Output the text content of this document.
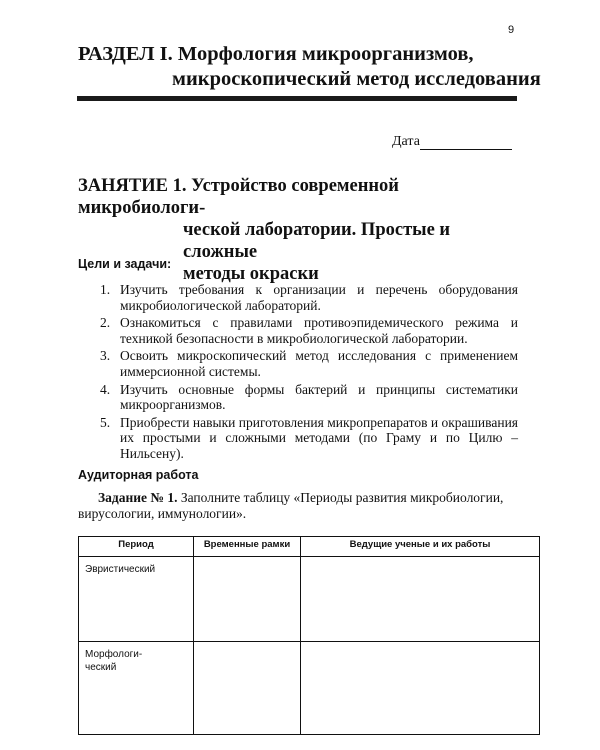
9
РАЗДЕЛ I. Морфология микроорганизмов,
микроскопический метод исследования
Дата
ЗАНЯТИЕ 1. Устройство современной микробиологи-
ческой лаборатории. Простые и сложные
методы окраски
Цели и задачи:
1. Изучить требования к организации и перечень оборудования микробиологической лабораторий.
2. Ознакомиться с правилами противоэпидемического режима и техникой безопасности в микробиологической лаборатории.
3. Освоить микроскопический метод исследования с применением иммерсионной системы.
4. Изучить основные формы бактерий и принципы систематики микроорганизмов.
5. Приобрести навыки приготовления микропрепаратов и окрашивания их простыми и сложными методами (по Граму и по Цилю – Нильсену).
Аудиторная работа
Задание № 1. Заполните таблицу «Периоды развития микробиологии, вирусологии, иммунологии».
Период	Временные рамки	Ведущие ученые и их работы
Эвристический		
Морфологи-
ческий		
